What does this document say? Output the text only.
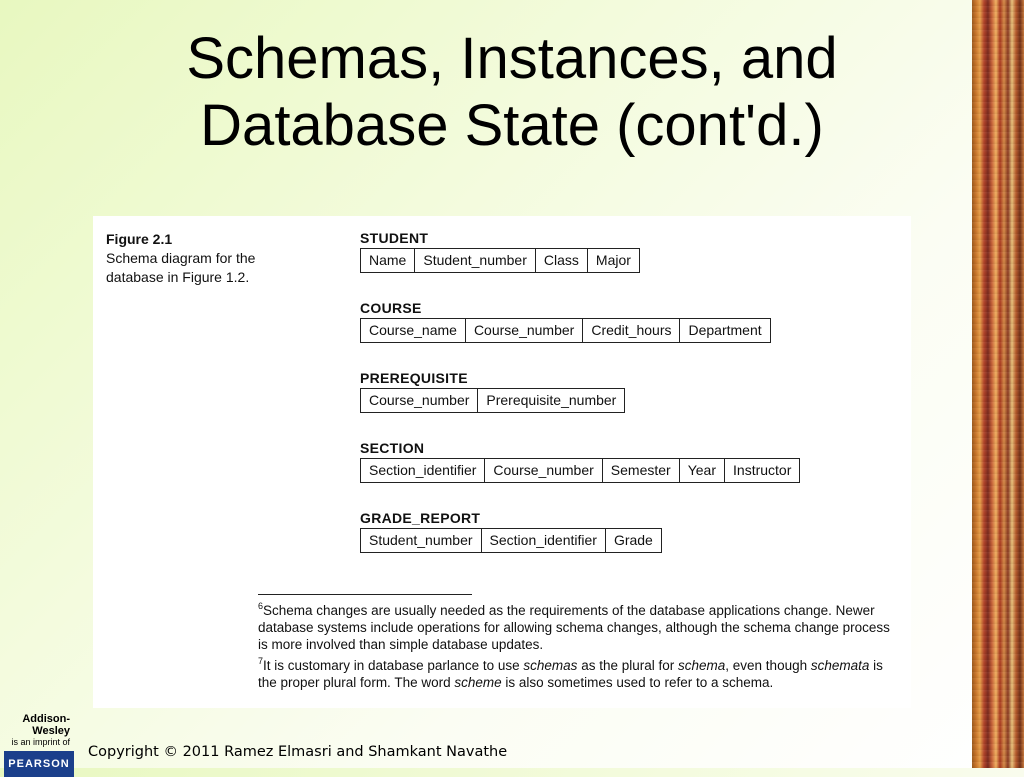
Schemas, Instances, and
Database State (cont'd.)
Figure 2.1
Schema diagram for the database in Figure 1.2.
STUDENT
Name	Student_number	Class	Major
COURSE
Course_name	Course_number	Credit_hours	Department
PREREQUISITE
Course_number	Prerequisite_number
SECTION
Section_identifier	Course_number	Semester	Year	Instructor
GRADE_REPORT
Student_number	Section_identifier	Grade
$^6$Schema changes are usually needed as the requirements of the database applications change. Newer database systems include operations for allowing schema changes, although the schema change process is more involved than simple database updates.
$^7$It is customary in database parlance to use schemas as the plural for schema, even though schemata is the proper plural form. The word scheme is also sometimes used to refer to a schema.
Addison-Wesley
is an imprint of
PEARSON
Copyright © 2011 Ramez Elmasri and Shamkant Navathe
